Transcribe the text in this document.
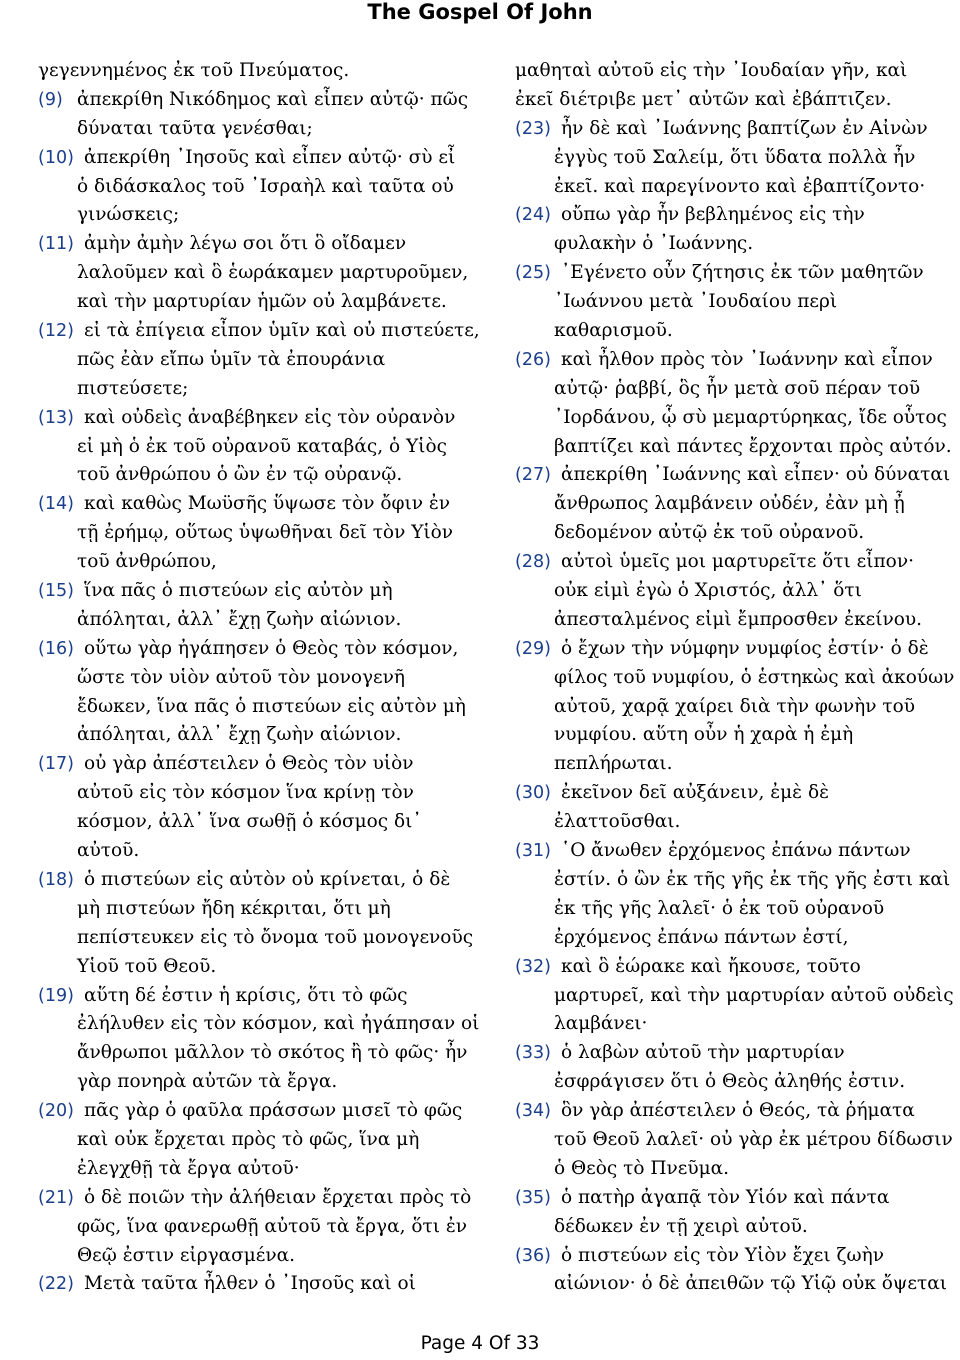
The Gospel Of John
γεγεννημένος ἐκ τοῦ Πνεύματος.
(9) ἀπεκρίθη Νικόδημος καὶ εἶπεν αὐτῷ· πῶς
δύναται ταῦτα γενέσθαι;
(10) ἀπεκρίθη ᾿Ιησοῦς καὶ εἶπεν αὐτῷ· σὺ εἶ
ὁ διδάσκαλος τοῦ ᾿Ισραὴλ καὶ ταῦτα οὐ
γινώσκεις;
(11) ἀμὴν ἀμὴν λέγω σοι ὅτι ὃ οἴδαμεν
λαλοῦμεν καὶ ὃ ἑωράκαμεν μαρτυροῦμεν,
καὶ τὴν μαρτυρίαν ἡμῶν οὐ λαμβάνετε.
(12) εἰ τὰ ἐπίγεια εἶπον ὑμῖν καὶ οὐ πιστεύετε,
πῶς ἐὰν εἴπω ὑμῖν τὰ ἐπουράνια
πιστεύσετε;
(13) καὶ οὐδεὶς ἀναβέβηκεν εἰς τὸν οὐρανὸν
εἰ μὴ ὁ ἐκ τοῦ οὐρανοῦ καταβάς, ὁ Υἱὸς
τοῦ ἀνθρώπου ὁ ὢν ἐν τῷ οὐρανῷ.
(14) καὶ καθὼς Μωϋσῆς ὕψωσε τὸν ὄφιν ἐν
τῇ ἐρήμῳ, οὕτως ὑψωθῆναι δεῖ τὸν Υἱὸν
τοῦ ἀνθρώπου,
(15) ἵνα πᾶς ὁ πιστεύων εἰς αὐτὸν μὴ
ἀπόληται, ἀλλ᾿ ἔχῃ ζωὴν αἰώνιον.
(16) οὕτω γὰρ ἠγάπησεν ὁ Θεὸς τὸν κόσμον,
ὥστε τὸν υἱὸν αὐτοῦ τὸν μονογενῆ
ἔδωκεν, ἵνα πᾶς ὁ πιστεύων εἰς αὐτὸν μὴ
ἀπόληται, ἀλλ᾿ ἔχῃ ζωὴν αἰώνιον.
(17) οὐ γὰρ ἀπέστειλεν ὁ Θεὸς τὸν υἱὸν
αὐτοῦ εἰς τὸν κόσμον ἵνα κρίνῃ τὸν
κόσμον, ἀλλ᾿ ἵνα σωθῇ ὁ κόσμος δι᾿
αὐτοῦ.
(18) ὁ πιστεύων εἰς αὐτὸν οὐ κρίνεται, ὁ δὲ
μὴ πιστεύων ἤδη κέκριται, ὅτι μὴ
πεπίστευκεν εἰς τὸ ὄνομα τοῦ μονογενοῦς
Υἱοῦ τοῦ Θεοῦ.
(19) αὕτη δέ ἐστιν ἡ κρίσις, ὅτι τὸ φῶς
ἐλήλυθεν εἰς τὸν κόσμον, καὶ ἠγάπησαν οἱ
ἄνθρωποι μᾶλλον τὸ σκότος ἢ τὸ φῶς· ἦν
γὰρ πονηρὰ αὐτῶν τὰ ἔργα.
(20) πᾶς γὰρ ὁ φαῦλα πράσσων μισεῖ τὸ φῶς
καὶ οὐκ ἔρχεται πρὸς τὸ φῶς, ἵνα μὴ
ἐλεγχθῇ τὰ ἔργα αὐτοῦ·
(21) ὁ δὲ ποιῶν τὴν ἀλήθειαν ἔρχεται πρὸς τὸ
φῶς, ἵνα φανερωθῇ αὐτοῦ τὰ ἔργα, ὅτι ἐν
Θεῷ ἐστιν εἰργασμένα.
(22) Μετὰ ταῦτα ἦλθεν ὁ ᾿Ιησοῦς καὶ οἱ
μαθηταὶ αὐτοῦ εἰς τὴν ᾿Ιουδαίαν γῆν, καὶ
ἐκεῖ διέτριβε μετ᾿ αὐτῶν καὶ ἐβάπτιζεν.
(23) ἦν δὲ καὶ ᾿Ιωάννης βαπτίζων ἐν Αἰνὼν
ἐγγὺς τοῦ Σαλείμ, ὅτι ὕδατα πολλὰ ἦν
ἐκεῖ. καὶ παρεγίνοντο καὶ ἐβαπτίζοντο·
(24) οὔπω γὰρ ἦν βεβλημένος εἰς τὴν
φυλακὴν ὁ ᾿Ιωάννης.
(25) ᾿Εγένετο οὖν ζήτησις ἐκ τῶν μαθητῶν
᾿Ιωάννου μετὰ ᾿Ιουδαίου περὶ
καθαρισμοῦ.
(26) καὶ ἦλθον πρὸς τὸν ᾿Ιωάννην καὶ εἶπον
αὐτῷ· ῥαββί, ὃς ἦν μετὰ σοῦ πέραν τοῦ
᾿Ιορδάνου, ᾧ σὺ μεμαρτύρηκας, ἴδε οὗτος
βαπτίζει καὶ πάντες ἔρχονται πρὸς αὐτόν.
(27) ἀπεκρίθη ᾿Ιωάννης καὶ εἶπεν· οὐ δύναται
ἄνθρωπος λαμβάνειν οὐδέν, ἐὰν μὴ ᾖ
δεδομένον αὐτῷ ἐκ τοῦ οὐρανοῦ.
(28) αὐτοὶ ὑμεῖς μοι μαρτυρεῖτε ὅτι εἶπον·
οὐκ εἰμὶ ἐγὼ ὁ Χριστός, ἀλλ᾿ ὅτι
ἀπεσταλμένος εἰμὶ ἔμπροσθεν ἐκείνου.
(29) ὁ ἔχων τὴν νύμφην νυμφίος ἐστίν· ὁ δὲ
φίλος τοῦ νυμφίου, ὁ ἑστηκὼς καὶ ἀκούων
αὐτοῦ, χαρᾷ χαίρει διὰ τὴν φωνὴν τοῦ
νυμφίου. αὕτη οὖν ἡ χαρὰ ἡ ἐμὴ
πεπλήρωται.
(30) ἐκεῖνον δεῖ αὐξάνειν, ἐμὲ δὲ
ἐλαττοῦσθαι.
(31) ῾Ο ἄνωθεν ἐρχόμενος ἐπάνω πάντων
ἐστίν. ὁ ὢν ἐκ τῆς γῆς ἐκ τῆς γῆς ἐστι καὶ
ἐκ τῆς γῆς λαλεῖ· ὁ ἐκ τοῦ οὐρανοῦ
ἐρχόμενος ἐπάνω πάντων ἐστί,
(32) καὶ ὃ ἑώρακε καὶ ἤκουσε, τοῦτο
μαρτυρεῖ, καὶ τὴν μαρτυρίαν αὐτοῦ οὐδεὶς
λαμβάνει·
(33) ὁ λαβὼν αὐτοῦ τὴν μαρτυρίαν
ἐσφράγισεν ὅτι ὁ Θεὸς ἀληθής ἐστιν.
(34) ὃν γὰρ ἀπέστειλεν ὁ Θεός, τὰ ῥήματα
τοῦ Θεοῦ λαλεῖ· οὐ γὰρ ἐκ μέτρου δίδωσιν
ὁ Θεὸς τὸ Πνεῦμα.
(35) ὁ πατὴρ ἀγαπᾷ τὸν Υἱόν καὶ πάντα
δέδωκεν ἐν τῇ χειρὶ αὐτοῦ.
(36) ὁ πιστεύων εἰς τὸν Υἱὸν ἔχει ζωὴν
αἰώνιον· ὁ δὲ ἀπειθῶν τῷ Υἱῷ οὐκ ὄψεται
Page 4 Of 33
